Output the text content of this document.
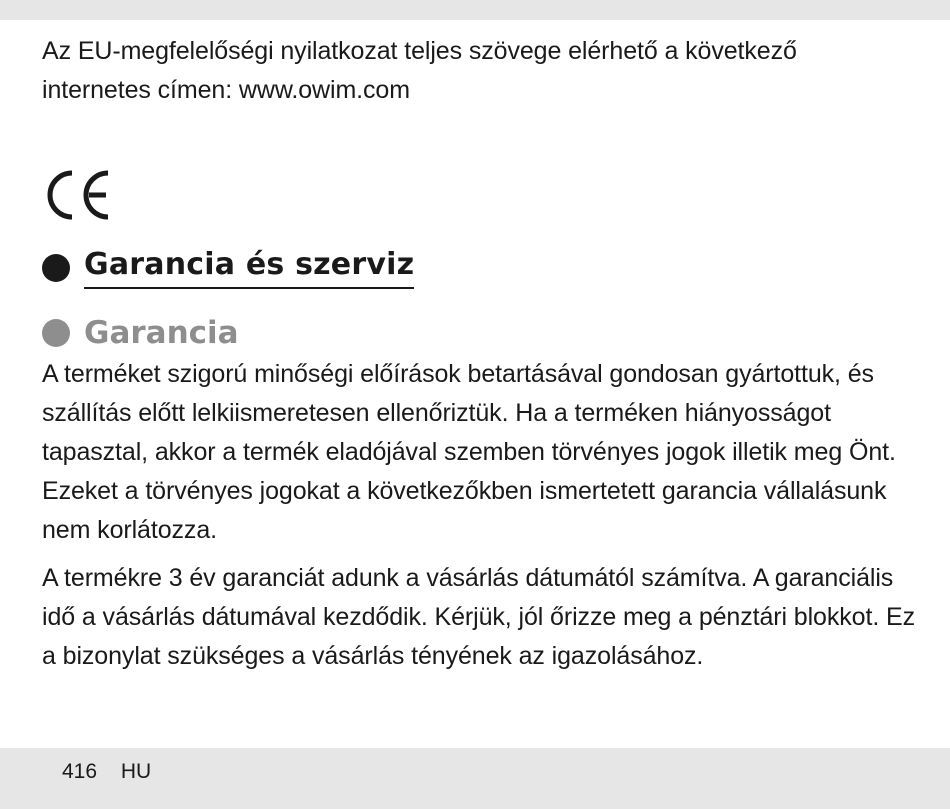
Az EU-megfelelőségi nyilatkozat teljes szövege elérhető a következő
internetes címen: www.owim.com

Garancia és szerviz
Garancia

A terméket szigorú minőségi előírások betartásával gondosan gyártottuk, és szállítás előtt lelkiismeretesen ellenőriztük. Ha a terméken hiányosságot tapasztal, akkor a termék eladójával szemben törvényes jogok illetik meg Önt. Ezeket a törvényes jogokat a következőkben ismertetett garancia vállalásunk nem korlátozza.

A termékre 3 év garanciát adunk a vásárlás dátumától számítva. A garanciális idő a vásárlás dátumával kezdődik. Kérjük, jól őrizze meg a pénztári blokkot. Ez a bizonylat szükséges a vásárlás tényének az igazolásához.

416 HU
